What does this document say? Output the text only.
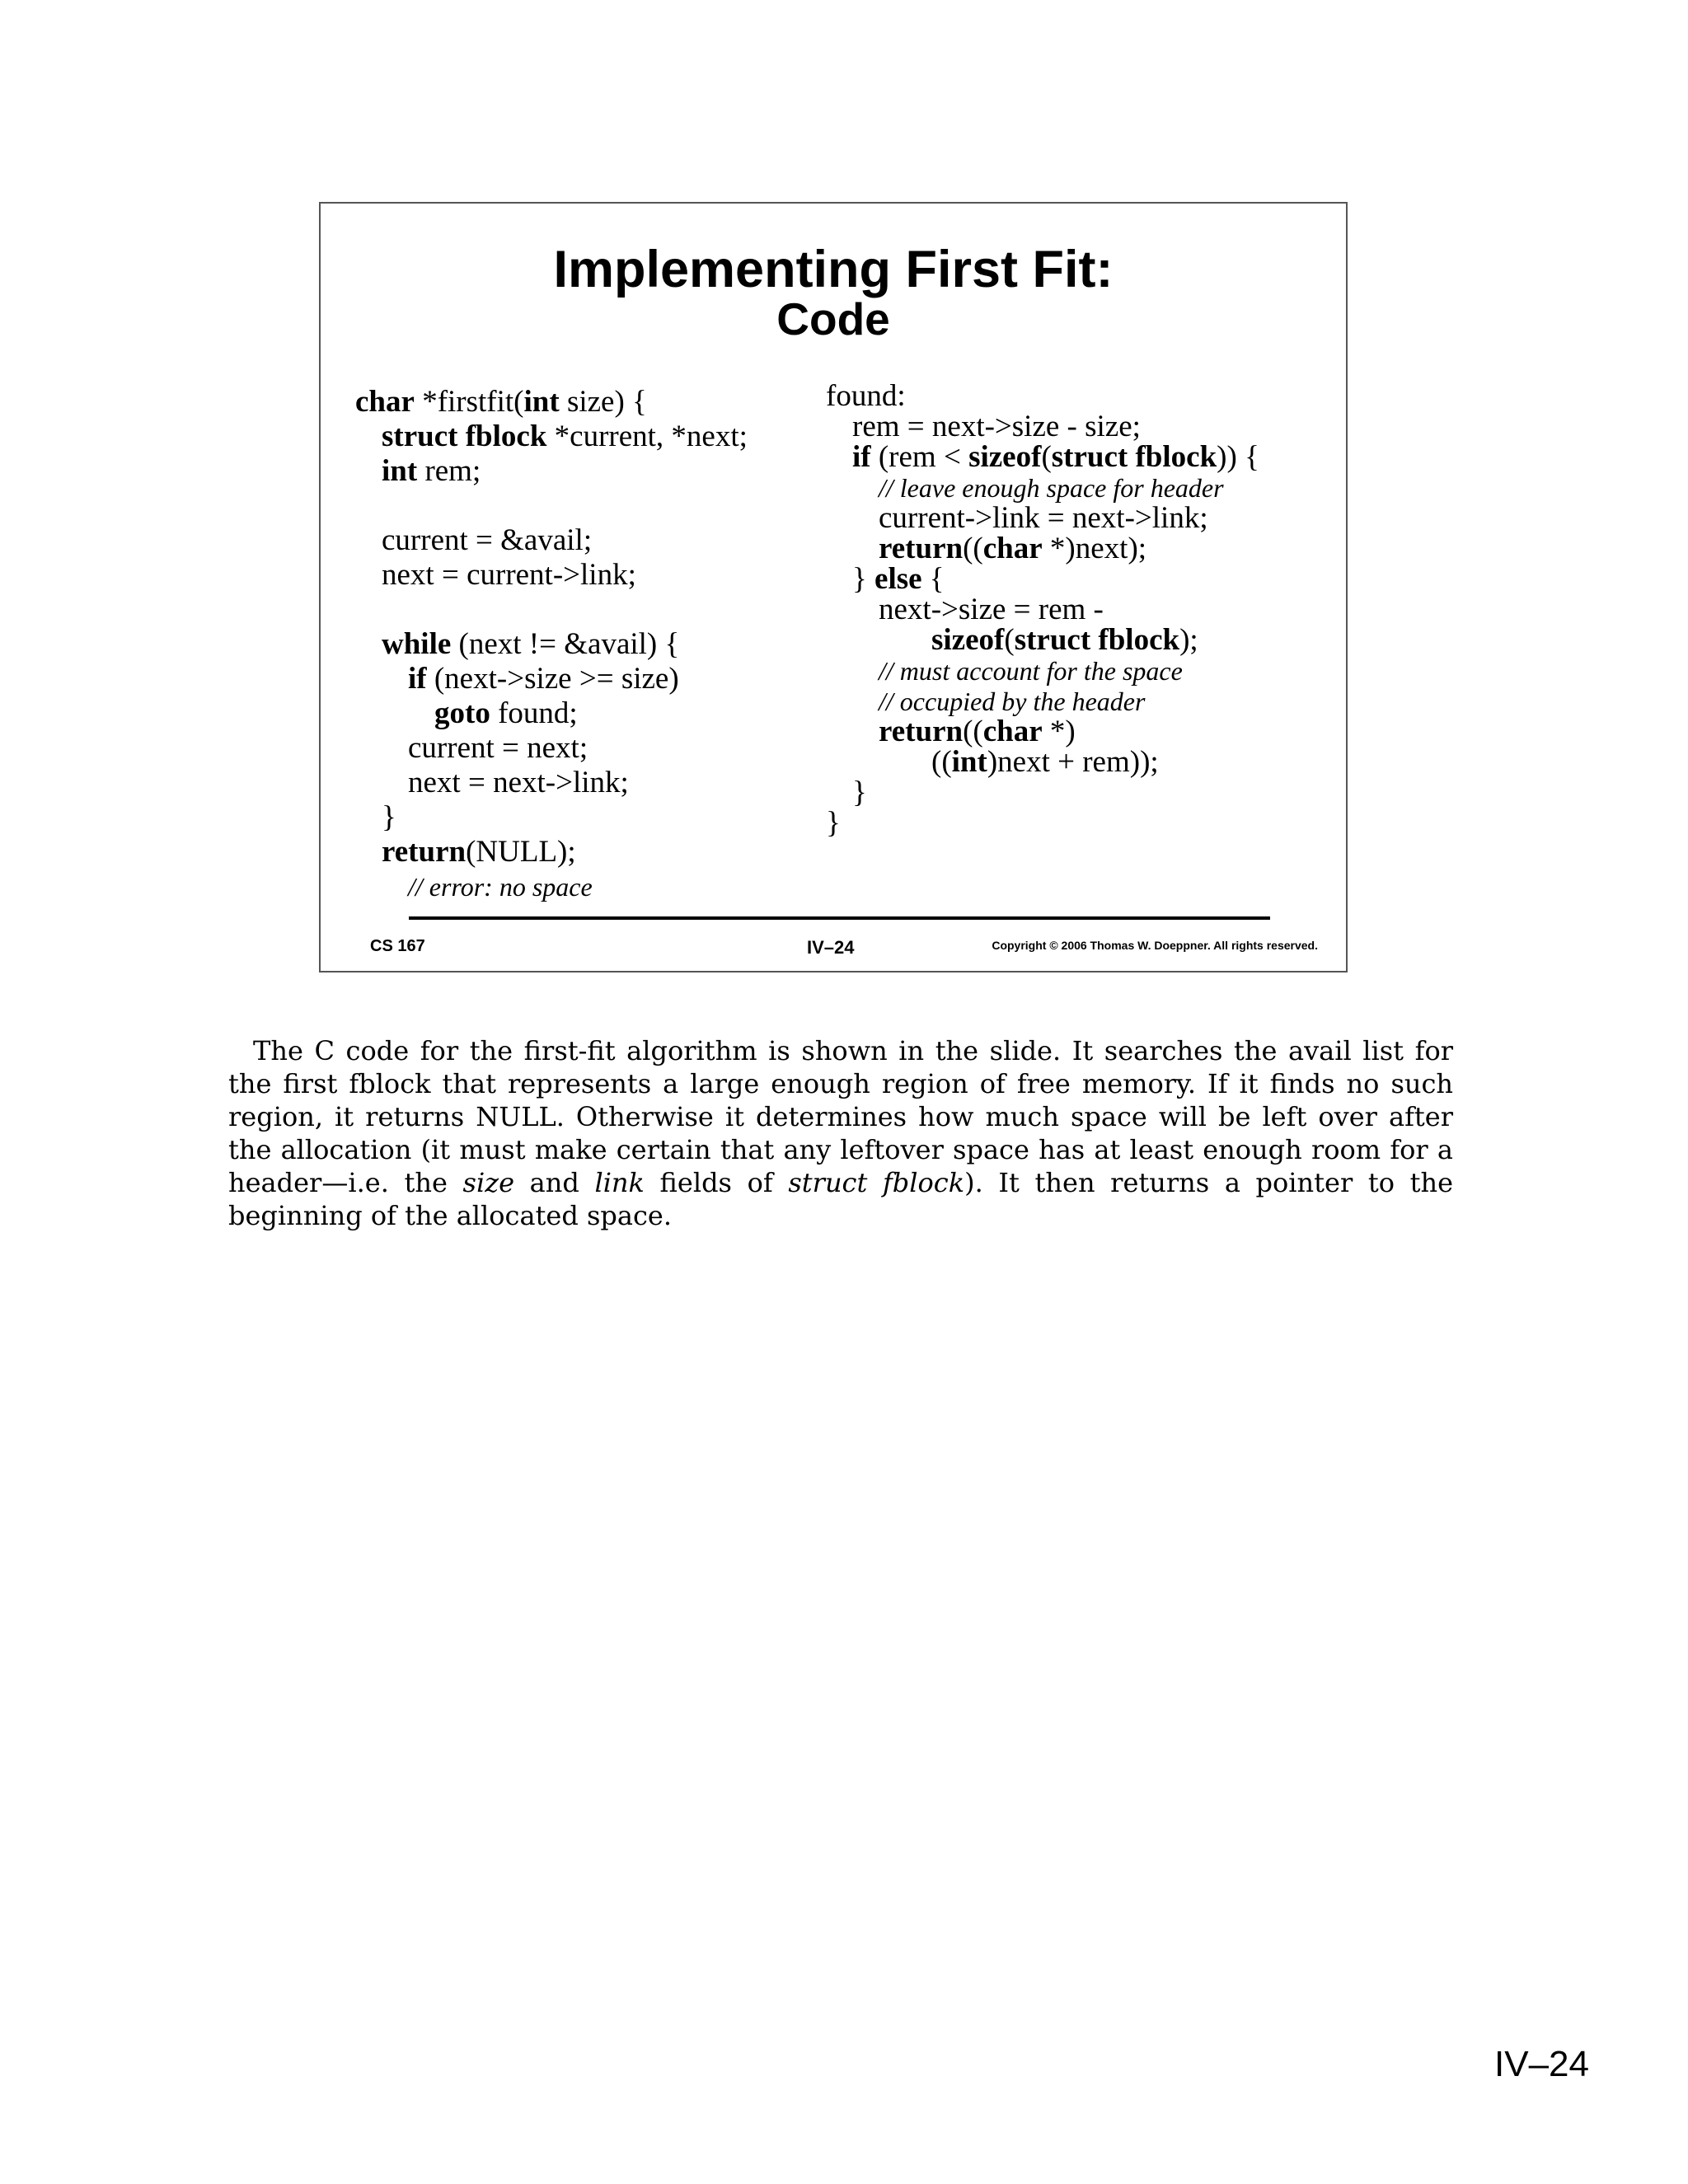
Implementing First Fit:
Code
char *firstfit(int size) {
struct fblock *current, *next;
int rem;
current = &avail;
next = current->link;
while (next != &avail) {
if (next->size >= size)
goto found;
current = next;
next = next->link;
}
return(NULL);
// error: no space
found:
rem = next->size - size;
if (rem < sizeof(struct fblock)) {
// leave enough space for header
current->link = next->link;
return((char *)next);
} else {
next->size = rem -
sizeof(struct fblock);
// must account for the space
// occupied by the header
return((char *)
((int)next + rem));
}
}
CS 167	IV–24	Copyright © 2006 Thomas W. Doeppner. All rights reserved.
The C code for the first-fit algorithm is shown in the slide. It searches the avail list for the first fblock that represents a large enough region of free memory. If it finds no such region, it returns NULL. Otherwise it determines how much space will be left over after the allocation (it must make certain that any leftover space has at least enough room for a header—i.e. the size and link fields of struct fblock). It then returns a pointer to the beginning of the allocated space.
IV–24
